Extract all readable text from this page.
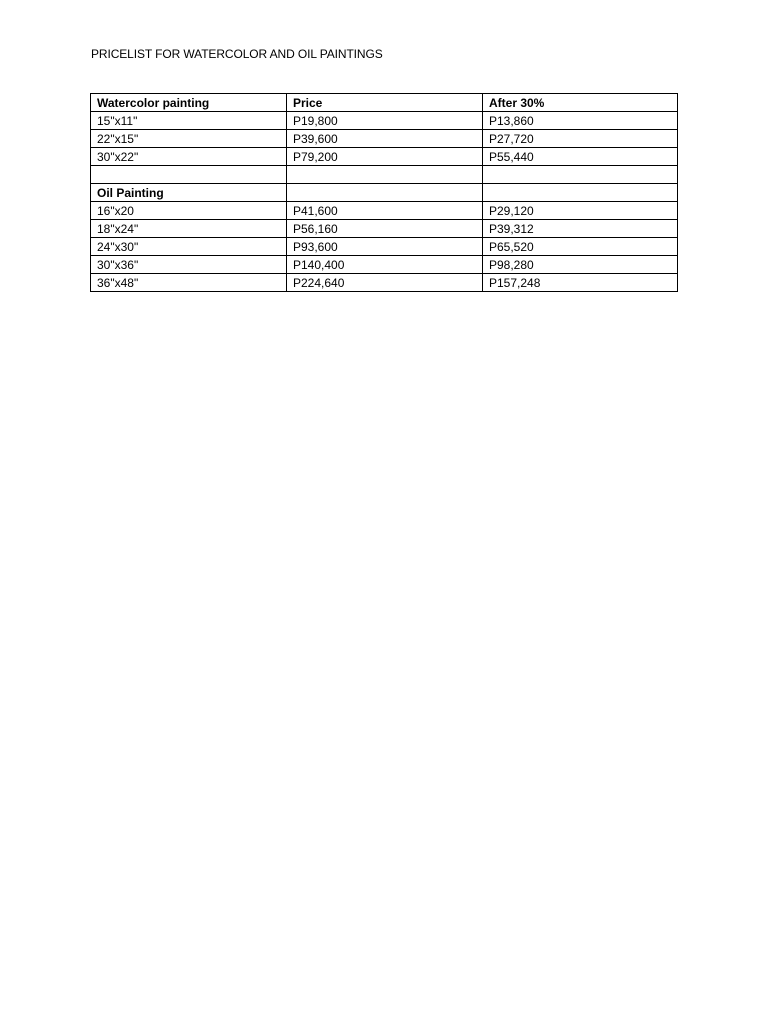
PRICELIST FOR WATERCOLOR AND OIL PAINTINGS
Watercolor painting	Price	After 30%
15"x11"	P19,800	P13,860
22"x15"	P39,600	P27,720
30"x22"	P79,200	P55,440

Oil Painting		
16"x20	P41,600	P29,120
18"x24"	P56,160	P39,312
24"x30"	P93,600	P65,520
30"x36"	P140,400	P98,280
36"x48"	P224,640	P157,248
